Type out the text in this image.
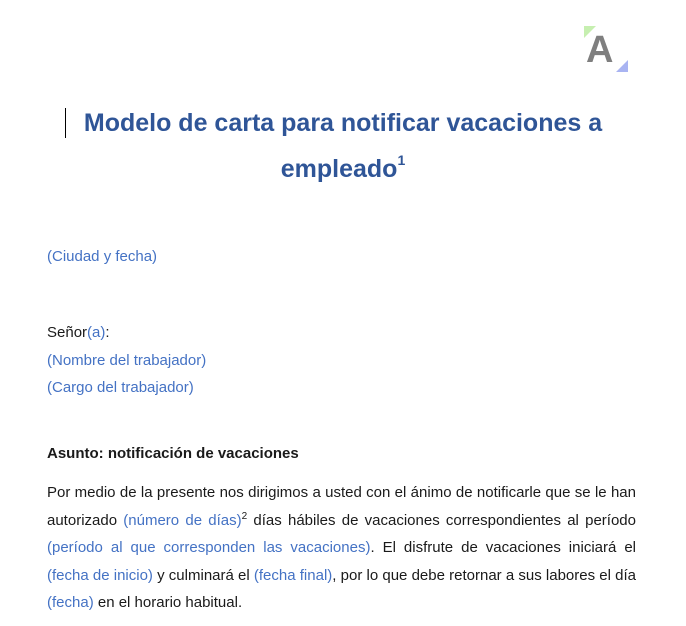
A
Modelo de carta para notificar vacaciones a
empleado$^1$

(Ciudad y fecha)

Señor(a):
(Nombre del trabajador)
(Cargo del trabajador)

Asunto: notificación de vacaciones

Por medio de la presente nos dirigimos a usted con el ánimo de notificarle que se le han autorizado (número de días)$^2$ días hábiles de vacaciones correspondientes al período (período al que corresponden las vacaciones). El disfrute de vacaciones iniciará el (fecha de inicio) y culminará el (fecha final), por lo que debe retornar a sus labores el día (fecha) en el horario habitual.
